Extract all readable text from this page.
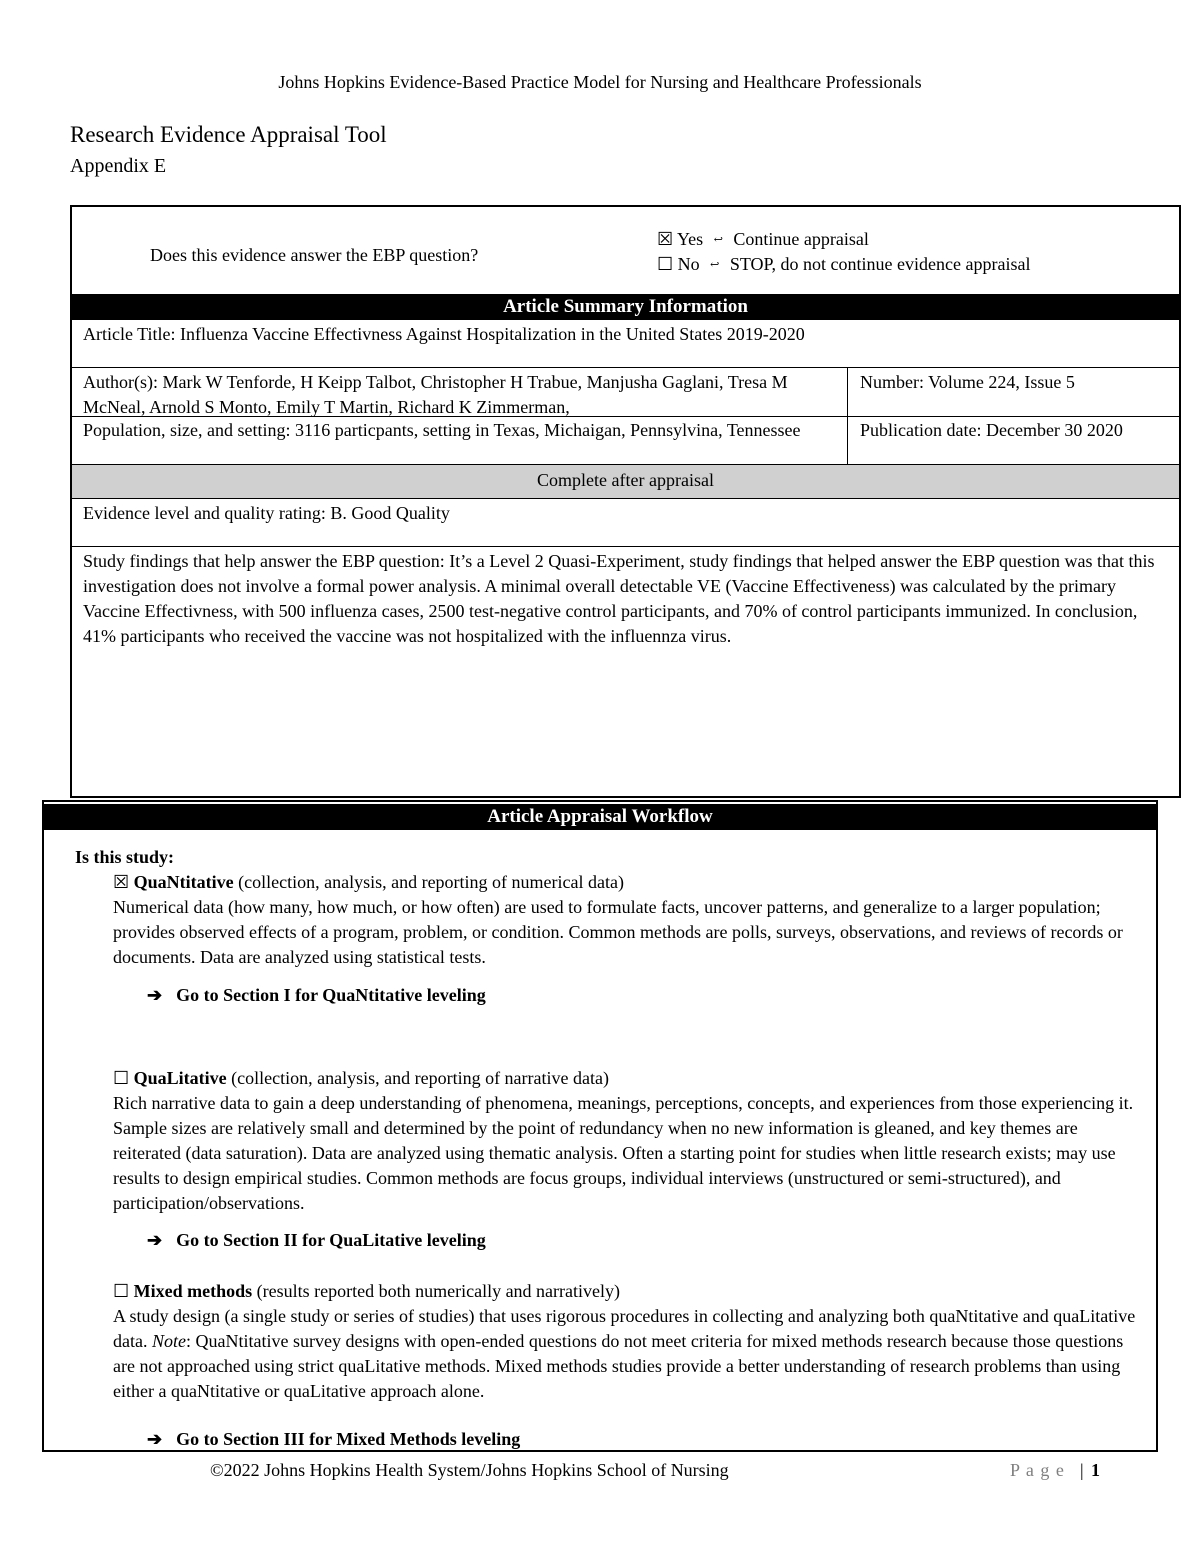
Johns Hopkins Evidence-Based Practice Model for Nursing and Healthcare Professionals
Research Evidence Appraisal Tool
Appendix E
Does this evidence answer the EBP question?
☒ Yes ↩ Continue appraisal
☐ No ↩ STOP, do not continue evidence appraisal
Article Summary Information
Article Title: Influenza Vaccine Effectivness Against Hospitalization in the United States 2019-2020
Author(s): Mark W Tenforde, H Keipp Talbot, Christopher H Trabue, Manjusha Gaglani, Tresa M McNeal, Arnold S Monto, Emily T Martin, Richard K Zimmerman,
Number: Volume 224, Issue 5
Population, size, and setting: 3116 particpants, setting in Texas, Michaigan, Pennsylvina, Tennessee	Publication date: December 30 2020
Complete after appraisal
Evidence level and quality rating: B. Good Quality
Study findings that help answer the EBP question: It’s a Level 2 Quasi-Experiment, study findings that helped answer the EBP question was that this investigation does not involve a formal power analysis. A minimal overall detectable VE (Vaccine Effectiveness) was calculated by the primary Vaccine Effectivness, with 500 influenza cases, 2500 test-negative control participants, and 70% of control participants immunized. In conclusion, 41% participants who received the vaccine was not hospitalized with the influennza virus.
Article Appraisal Workflow
Is this study:
☒ QuaNtitative (collection, analysis, and reporting of numerical data)
Numerical data (how many, how much, or how often) are used to formulate facts, uncover patterns, and generalize to a larger population; provides observed effects of a program, problem, or condition. Common methods are polls, surveys, observations, and reviews of records or documents. Data are analyzed using statistical tests.
➔ Go to Section I for QuaNtitative leveling
☐ QuaLitative (collection, analysis, and reporting of narrative data)
Rich narrative data to gain a deep understanding of phenomena, meanings, perceptions, concepts, and experiences from those experiencing it. Sample sizes are relatively small and determined by the point of redundancy when no new information is gleaned, and key themes are reiterated (data saturation). Data are analyzed using thematic analysis. Often a starting point for studies when little research exists; may use results to design empirical studies. Common methods are focus groups, individual interviews (unstructured or semi-structured), and participation/observations.
➔ Go to Section II for QuaLitative leveling
☐ Mixed methods (results reported both numerically and narratively)
A study design (a single study or series of studies) that uses rigorous procedures in collecting and analyzing both quaNtitative and quaLitative data. Note: QuaNtitative survey designs with open-ended questions do not meet criteria for mixed methods research because those questions are not approached using strict quaLitative methods. Mixed methods studies provide a better understanding of research problems than using either a quaNtitative or quaLitative approach alone.
➔ Go to Section III for Mixed Methods leveling
©2022 Johns Hopkins Health System/Johns Hopkins School of Nursing	P a g e | 1
